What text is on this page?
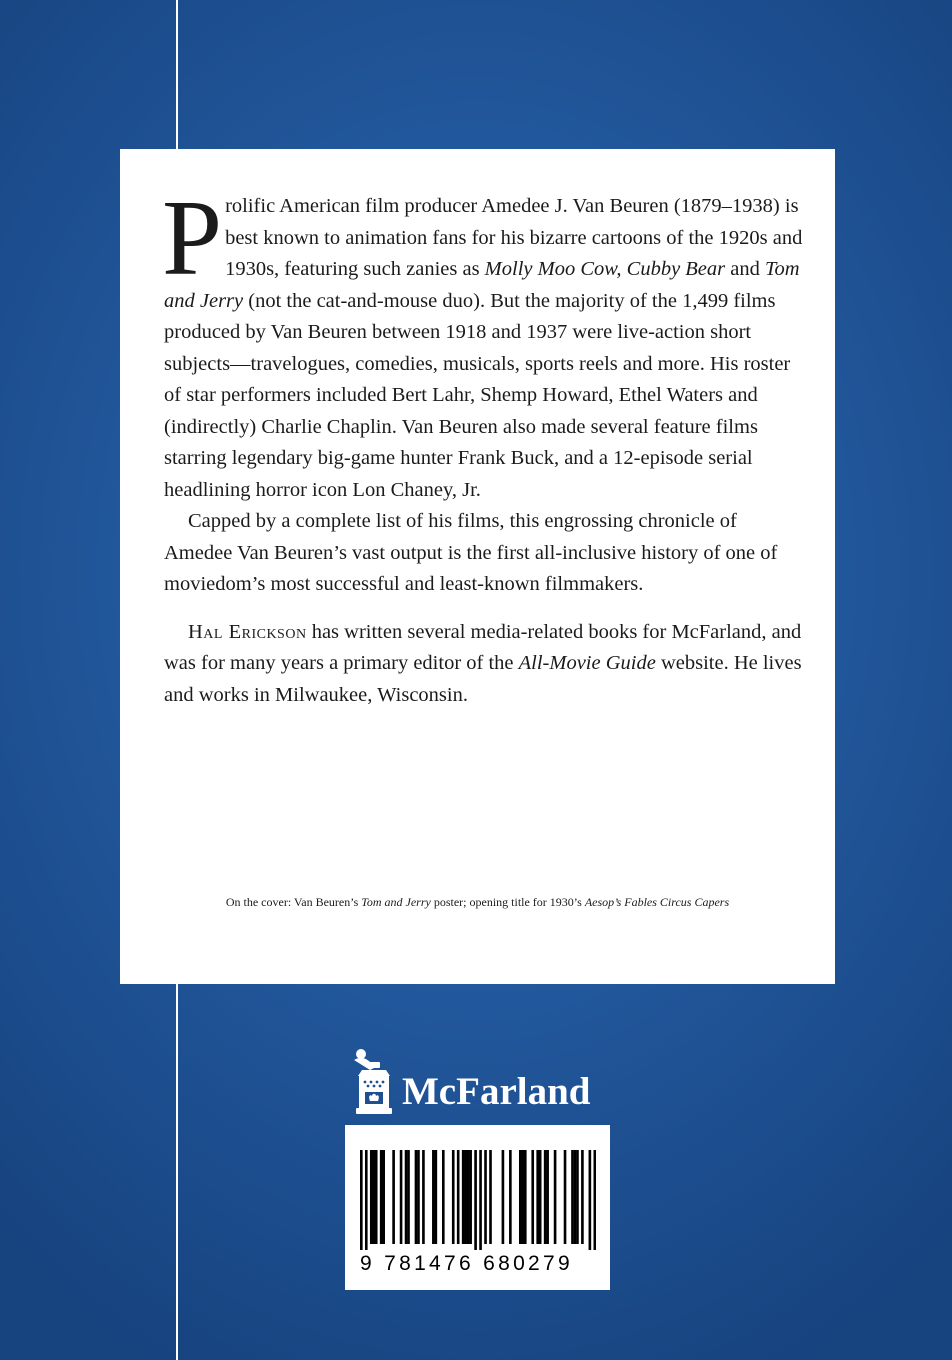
Prolific American film producer Amedee J. Van Beuren (1879–1938) is best known to animation fans for his bizarre cartoons of the 1920s and 1930s, featuring such zanies as Molly Moo Cow, Cubby Bear and Tom and Jerry (not the cat-and-mouse duo). But the majority of the 1,499 films produced by Van Beuren between 1918 and 1937 were live-action short subjects—travelogues, comedies, musicals, sports reels and more. His roster of star performers included Bert Lahr, Shemp Howard, Ethel Waters and (indirectly) Charlie Chaplin. Van Beuren also made several feature films starring legendary big-game hunter Frank Buck, and a 12-episode serial headlining horror icon Lon Chaney, Jr.

Capped by a complete list of his films, this engrossing chronicle of Amedee Van Beuren’s vast output is the first all-inclusive history of one of moviedom’s most successful and least-known filmmakers.

Hal Erickson has written several media-related books for McFarland, and was for many years a primary editor of the All-Movie Guide website. He lives and works in Milwaukee, Wisconsin.

On the cover: Van Beuren’s Tom and Jerry poster; opening title for 1930’s Aesop’s Fables Circus Capers
McFarland
9 781476 680279
